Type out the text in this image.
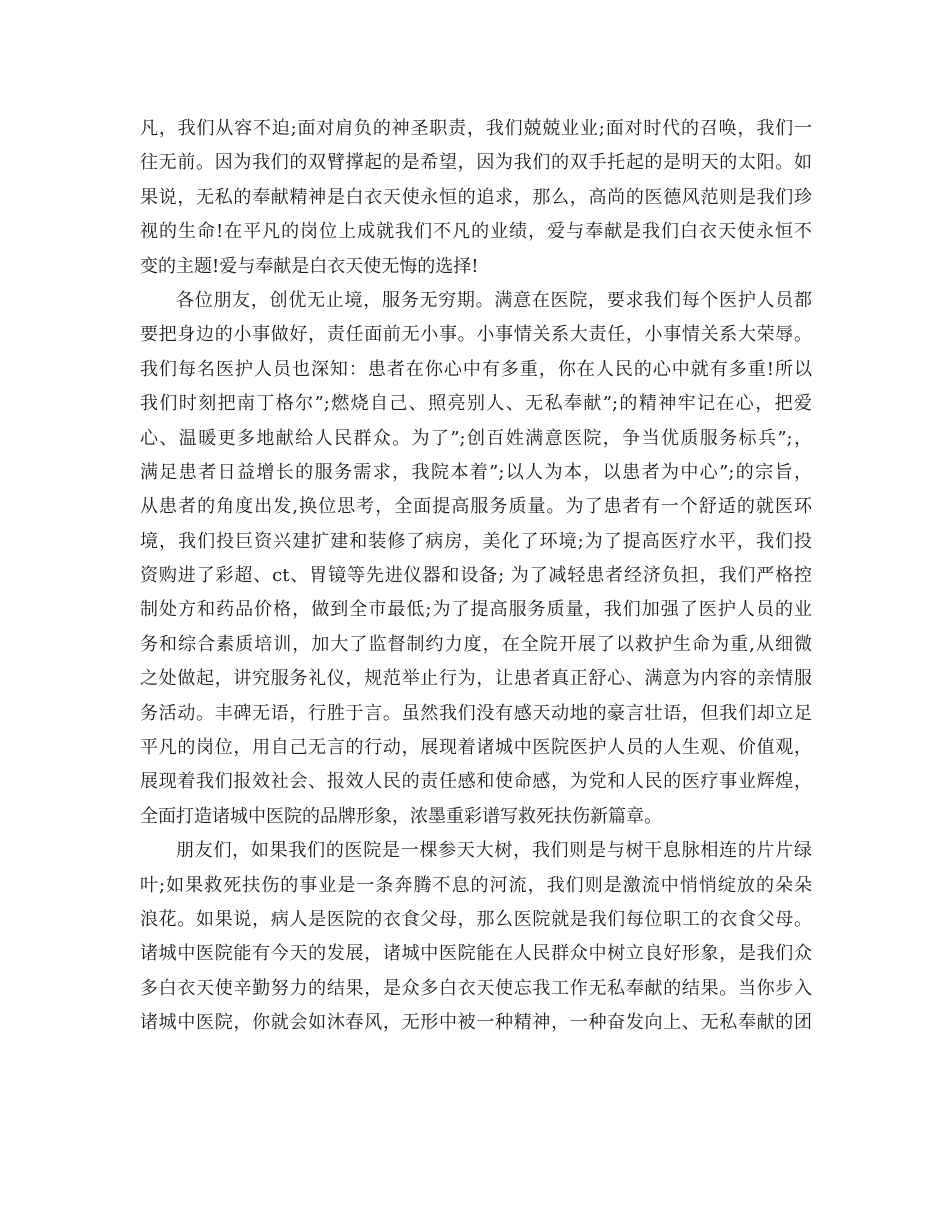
凡，我们从容不迫;面对肩负的神圣职责，我们兢兢业业;面对时代的召唤，我们一
往无前。因为我们的双臂撑起的是希望，因为我们的双手托起的是明天的太阳。如
果说，无私的奉献精神是白衣天使永恒的追求，那么，高尚的医德风范则是我们珍
视的生命!在平凡的岗位上成就我们不凡的业绩，爱与奉献是我们白衣天使永恒不
变的主题!爱与奉献是白衣天使无悔的选择!
各位朋友，创优无止境，服务无穷期。满意在医院，要求我们每个医护人员都
要把身边的小事做好，责任面前无小事。小事情关系大责任，小事情关系大荣辱。
我们每名医护人员也深知：患者在你心中有多重，你在人民的心中就有多重!所以
我们时刻把南丁格尔”;燃烧自己、照亮别人、无私奉献”;的精神牢记在心，把爱
心、温暖更多地献给人民群众。为了”;创百姓满意医院，争当优质服务标兵”;，
满足患者日益增长的服务需求，我院本着”;以人为本，以患者为中心”;的宗旨，
从患者的角度出发,换位思考，全面提高服务质量。为了患者有一个舒适的就医环
境，我们投巨资兴建扩建和装修了病房，美化了环境;为了提高医疗水平，我们投
资购进了彩超、ct、胃镜等先进仪器和设备; 为了减轻患者经济负担，我们严格控
制处方和药品价格，做到全市最低;为了提高服务质量，我们加强了医护人员的业
务和综合素质培训，加大了监督制约力度，在全院开展了以救护生命为重,从细微
之处做起，讲究服务礼仪，规范举止行为，让患者真正舒心、满意为内容的亲情服
务活动。丰碑无语，行胜于言。虽然我们没有感天动地的豪言壮语，但我们却立足
平凡的岗位，用自己无言的行动，展现着诸城中医院医护人员的人生观、价值观，
展现着我们报效社会、报效人民的责任感和使命感，为党和人民的医疗事业辉煌，
全面打造诸城中医院的品牌形象，浓墨重彩谱写救死扶伤新篇章。
朋友们，如果我们的医院是一棵参天大树，我们则是与树干息脉相连的片片绿
叶;如果救死扶伤的事业是一条奔腾不息的河流，我们则是激流中悄悄绽放的朵朵
浪花。如果说，病人是医院的衣食父母，那么医院就是我们每位职工的衣食父母。
诸城中医院能有今天的发展，诸城中医院能在人民群众中树立良好形象，是我们众
多白衣天使辛勤努力的结果，是众多白衣天使忘我工作无私奉献的结果。当你步入
诸城中医院，你就会如沐春风，无形中被一种精神，一种奋发向上、无私奉献的团
